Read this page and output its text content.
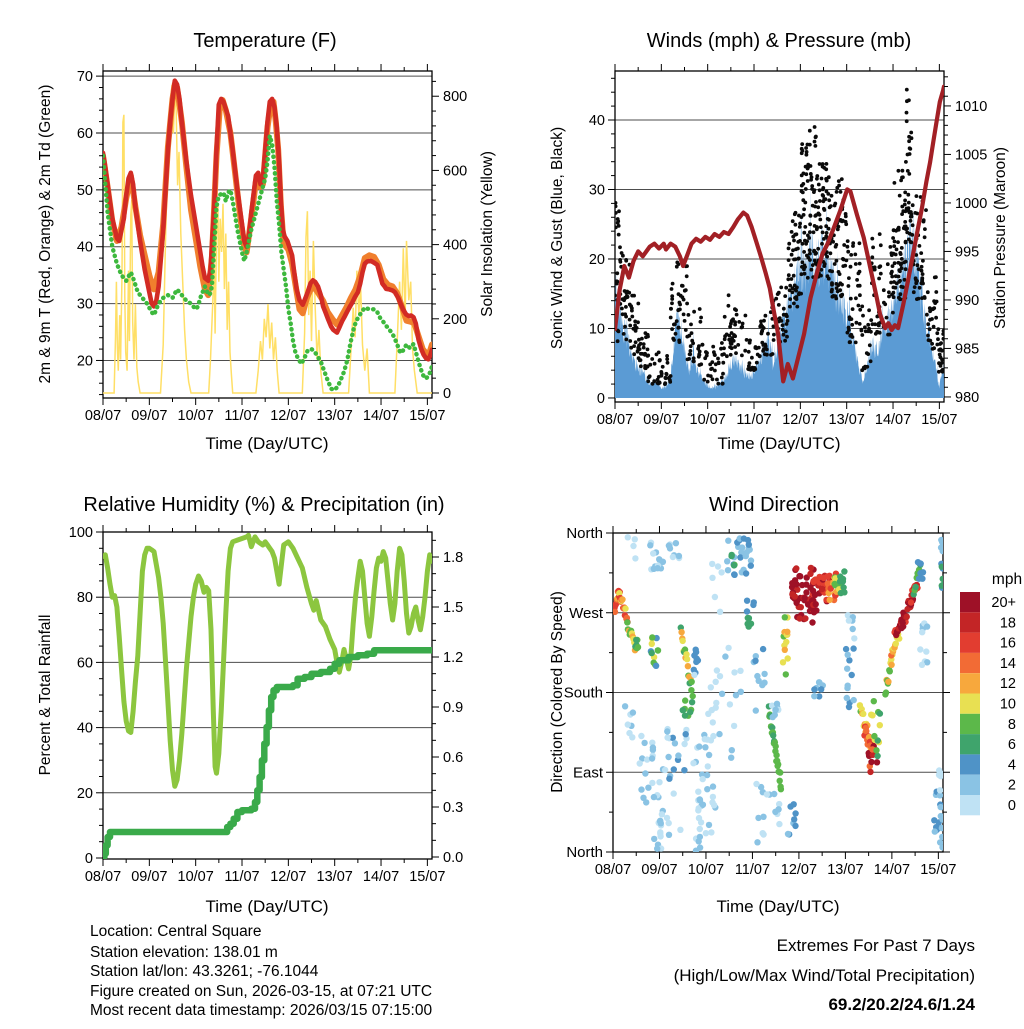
08/07 09/07 10/07 11/07 12/07 13/07 14/07 15/07
70
60
50
40
30
20
800
600
400
200
0
08/07 09/07 10/07 11/07 12/07 13/07 14/07 15/07
40
30
20
10
0
1010
1005
1000
995
990
985
980
08/07 09/07 10/07 11/07 12/07 13/07 14/07 15/07
100
80
60
40
20
0
1.8
1.5
1.2
0.9
0.6
0.3
0.0
08/07 09/07 10/07 11/07 12/07 13/07 14/07 15/07
North
West
South
East
North
20+
18
16
14
12
10
8
6
4
2
0
Temperature (F)	Winds (mph) & Pressure (mb)
Relative Humidity (%) & Precipitation (in)	Wind Direction
2m & 9m T (Red, Orange) & 2m Td (Green)	Solar Insolation (Yellow)	Sonic Wind & Gust (Blue, Black)	Station Pressure (Maroon)
Percent & Total Rainfall	Direction (Colored By Speed)
Time (Day/UTC)	Time (Day/UTC)
Time (Day/UTC)	Time (Day/UTC)
mph
Location: Central Square
Station elevation: 138.01 m
Station lat/lon: 43.3261; -76.1044
Figure created on Sun, 2026-03-15, at 07:21 UTC
Most recent data timestamp: 2026/03/15 07:15:00
Extremes For Past 7 Days
(High/Low/Max Wind/Total Precipitation)
69.2/20.2/24.6/1.24
